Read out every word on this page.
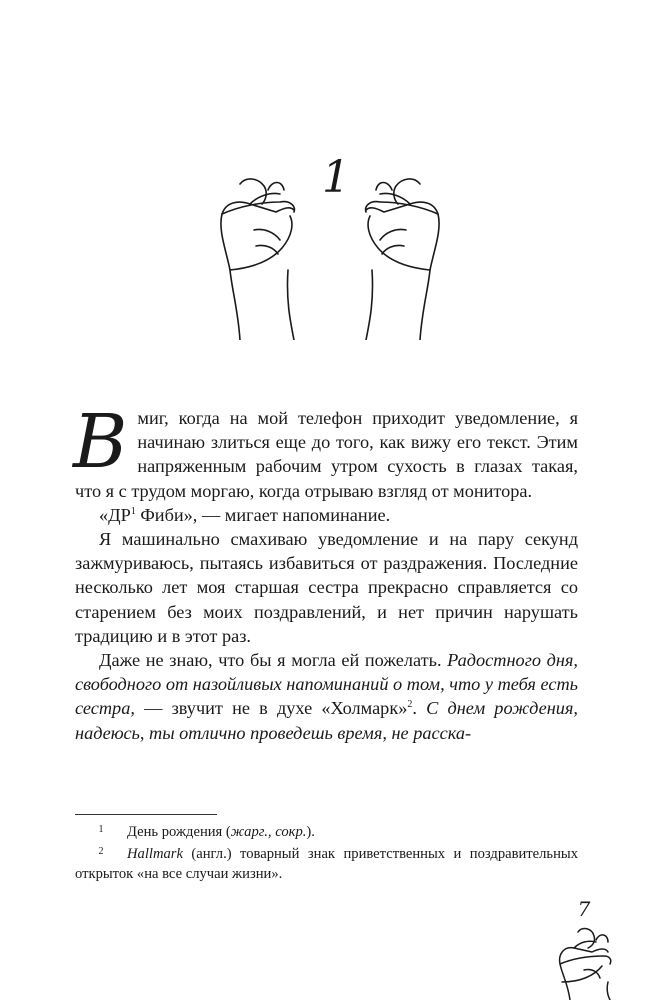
1

Вмиг, когда на мой телефон приходит уведомление, я начинаю злиться еще до того, как вижу его текст. Этим напряженным рабочим утром сухость в глазах такая, что я с трудом моргаю, когда отрываю взгляд от монитора.

«$ДР^1$ Фиби», — мигает напоминание.

Я машинально смахиваю уведомление и на пару секунд зажмуриваюсь, пытаясь избавиться от раздражения. Последние несколько лет моя старшая сестра прекрасно справляется со старением без моих поздравлений, и нет причин нарушать традицию и в этот раз.

Даже не знаю, что бы я могла ей пожелать. Радостного дня, свободного от назойливых напоминаний о том, что у тебя есть сестра, — звучит не в духе «Холмарк»$^2$. С днем рождения, надеюсь, ты отлично проведешь время, не расска-

1 День рождения (жарг., сокр.).

2 Hallmark (англ.) товарный знак приветственных и поздравительных открыток «на все случаи жизни».

7
